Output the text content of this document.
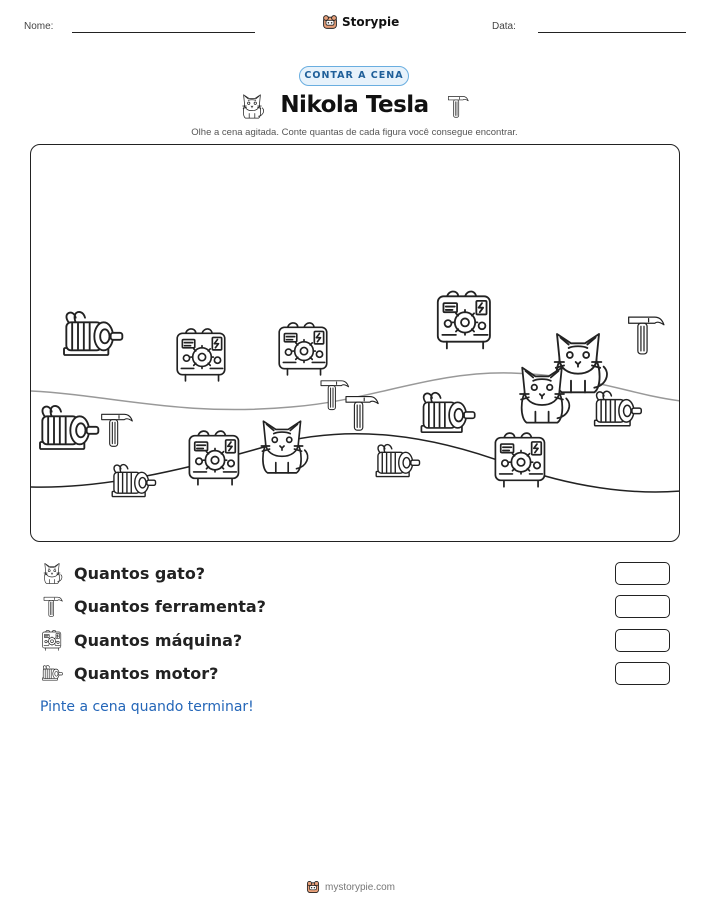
Nome:	Storypie	Data:
CONTAR A CENA
Nikola Tesla
Olhe a cena agitada. Conte quantas de cada figura você consegue encontrar.
Quantos gato?
Quantos ferramenta?
Quantos máquina?
Quantos motor?
Pinte a cena quando terminar!
mystorypie.com
